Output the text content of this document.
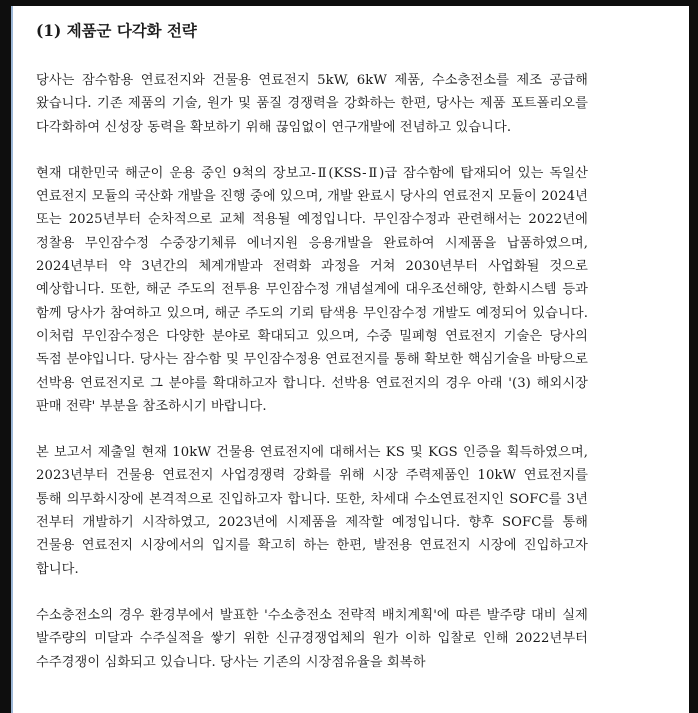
(1) 제품군 다각화 전략

당사는 잠수함용 연료전지와 건물용 연료전지 5kW, 6kW 제품, 수소충전소를 제조 공급해 왔습니다. 기존 제품의 기술, 원가 및 품질 경쟁력을 강화하는 한편, 당사는 제품 포트폴리오를 다각화하여 신성장 동력을 확보하기 위해 끊임없이 연구개발에 전념하고 있습니다.

현재 대한민국 해군이 운용 중인 9척의 장보고-Ⅱ(KSS-Ⅱ)급 잠수함에 탑재되어 있는 독일산 연료전지 모듈의 국산화 개발을 진행 중에 있으며, 개발 완료시 당사의 연료전지 모듈이 2024년 또는 2025년부터 순차적으로 교체 적용될 예정입니다. 무인잠수정과 관련해서는 2022년에 정찰용 무인잠수정 수중장기체류 에너지원 응용개발을 완료하여 시제품을 납품하였으며, 2024년부터 약 3년간의 체계개발과 전력화 과정을 거쳐 2030년부터 사업화될 것으로 예상합니다. 또한, 해군 주도의 전투용 무인잠수정 개념설계에 대우조선해양, 한화시스템 등과 함께 당사가 참여하고 있으며, 해군 주도의 기뢰 탐색용 무인잠수정 개발도 예정되어 있습니다. 이처럼 무인잠수정은 다양한 분야로 확대되고 있으며, 수중 밀폐형 연료전지 기술은 당사의 독점 분야입니다. 당사는 잠수함 및 무인잠수정용 연료전지를 통해 확보한 핵심기술을 바탕으로 선박용 연료전지로 그 분야를 확대하고자 합니다. 선박용 연료전지의 경우 아래 '(3) 해외시장 판매 전략' 부분을 참조하시기 바랍니다.

본 보고서 제출일 현재 10kW 건물용 연료전지에 대해서는 KS 및 KGS 인증을 획득하였으며, 2023년부터 건물용 연료전지 사업경쟁력 강화를 위해 시장 주력제품인 10kW 연료전지를 통해 의무화시장에 본격적으로 진입하고자 합니다. 또한, 차세대 수소연료전지인 SOFC를 3년 전부터 개발하기 시작하였고, 2023년에 시제품을 제작할 예정입니다. 향후 SOFC를 통해 건물용 연료전지 시장에서의 입지를 확고히 하는 한편, 발전용 연료전지 시장에 진입하고자 합니다.

수소충전소의 경우 환경부에서 발표한 '수소충전소 전략적 배치계획'에 따른 발주량 대비 실제 발주량의 미달과 수주실적을 쌓기 위한 신규경쟁업체의 원가 이하 입찰로 인해 2022년부터 수주경쟁이 심화되고 있습니다. 당사는 기존의 시장점유율을 회복하
